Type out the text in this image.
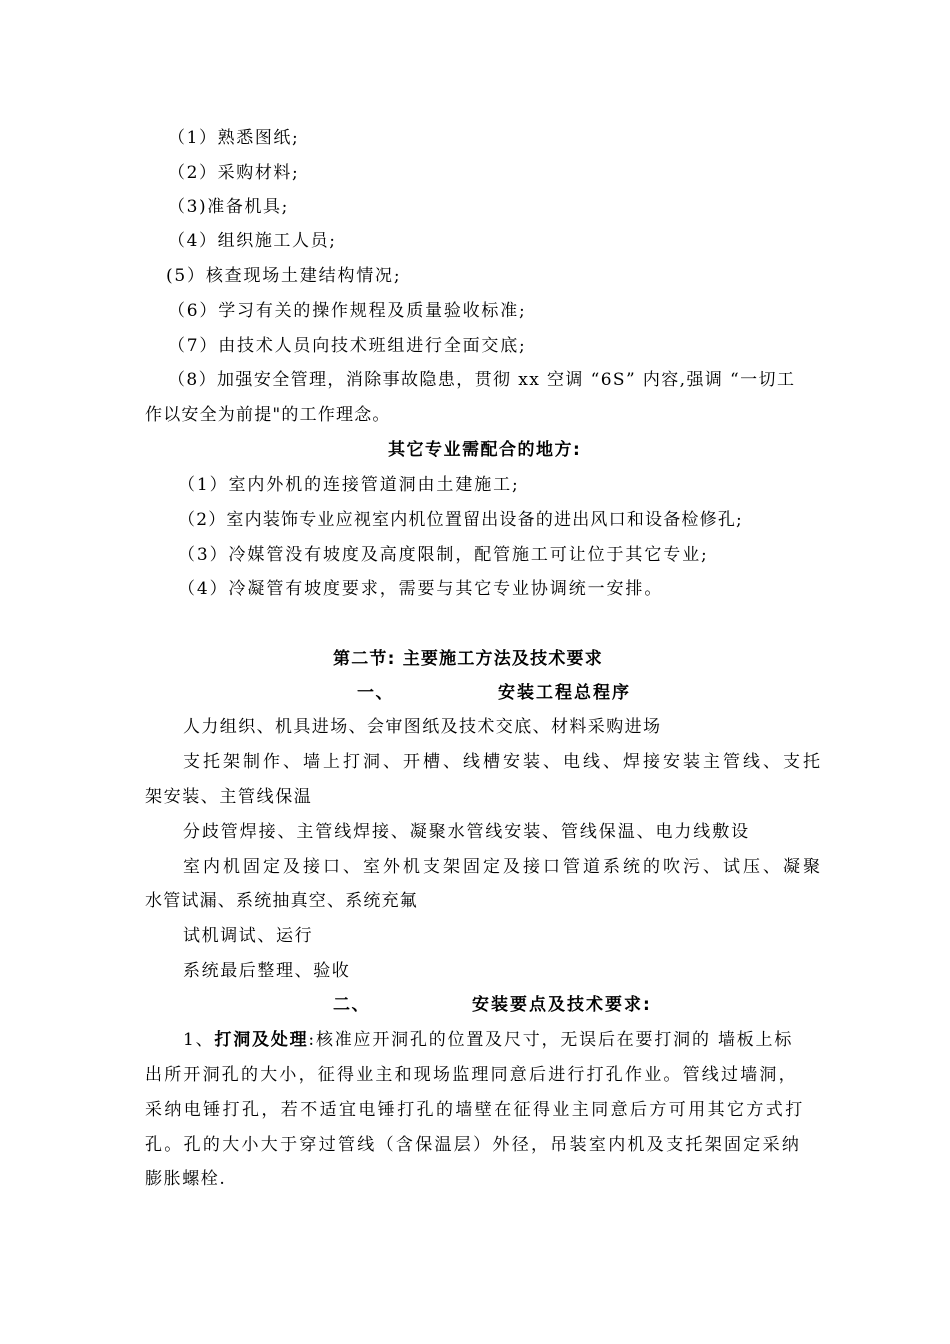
（1）熟悉图纸;
（2）采购材料;
（3)准备机具;
（4）组织施工人员;
(5）核查现场土建结构情况;
（6）学习有关的操作规程及质量验收标准;
（7）由技术人员向技术班组进行全面交底;
（8）加强安全管理，消除事故隐患，贯彻 xx 空调 “6S” 内容,强调 “一切工
作以安全为前提"的工作理念。
其它专业需配合的地方:
（1）室内外机的连接管道洞由土建施工;
（2）室内装饰专业应视室内机位置留出设备的进出风口和设备检修孔;
（3）冷媒管没有坡度及高度限制，配管施工可让位于其它专业;
（4）冷凝管有坡度要求，需要与其它专业协调统一安排。
第二节: 主要施工方法及技术要求
一、	安装工程总程序
人力组织、机具进场、会审图纸及技术交底、材料采购进场
支托架制作、墙上打洞、开槽、线槽安装、电线、焊接安装主管线、支托
架安装、主管线保温
分歧管焊接、主管线焊接、凝聚水管线安装、管线保温、电力线敷设
室内机固定及接口、室外机支架固定及接口管道系统的吹污、试压、凝聚
水管试漏、系统抽真空、系统充氟
试机调试、运行
系统最后整理、验收
二、	安装要点及技术要求:
1、打洞及处理:核准应开洞孔的位置及尺寸，无误后在要打洞的 墙板上标
出所开洞孔的大小，征得业主和现场监理同意后进行打孔作业。管线过墙洞，
采纳电锤打孔，若不适宜电锤打孔的墙壁在征得业主同意后方可用其它方式打
孔。孔的大小大于穿过管线（含保温层）外径，吊装室内机及支托架固定采纳
膨胀螺栓.
